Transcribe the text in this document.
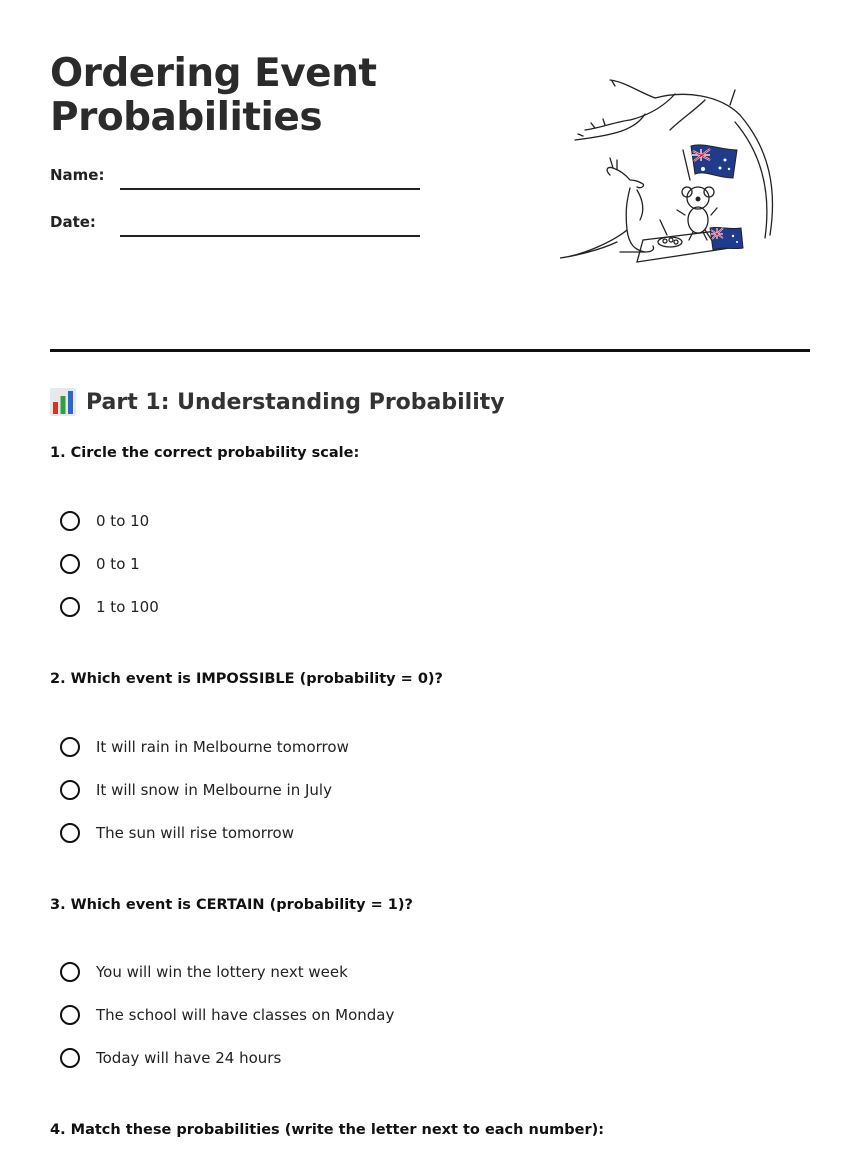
Ordering Event Probabilities
Name:
Date:
Part 1: Understanding Probability
1. Circle the correct probability scale:
0 to 10
0 to 1
1 to 100
2. Which event is IMPOSSIBLE (probability = 0)?
It will rain in Melbourne tomorrow
It will snow in Melbourne in July
The sun will rise tomorrow
3. Which event is CERTAIN (probability = 1)?
You will win the lottery next week
The school will have classes on Monday
Today will have 24 hours
4. Match these probabilities (write the letter next to each number):
